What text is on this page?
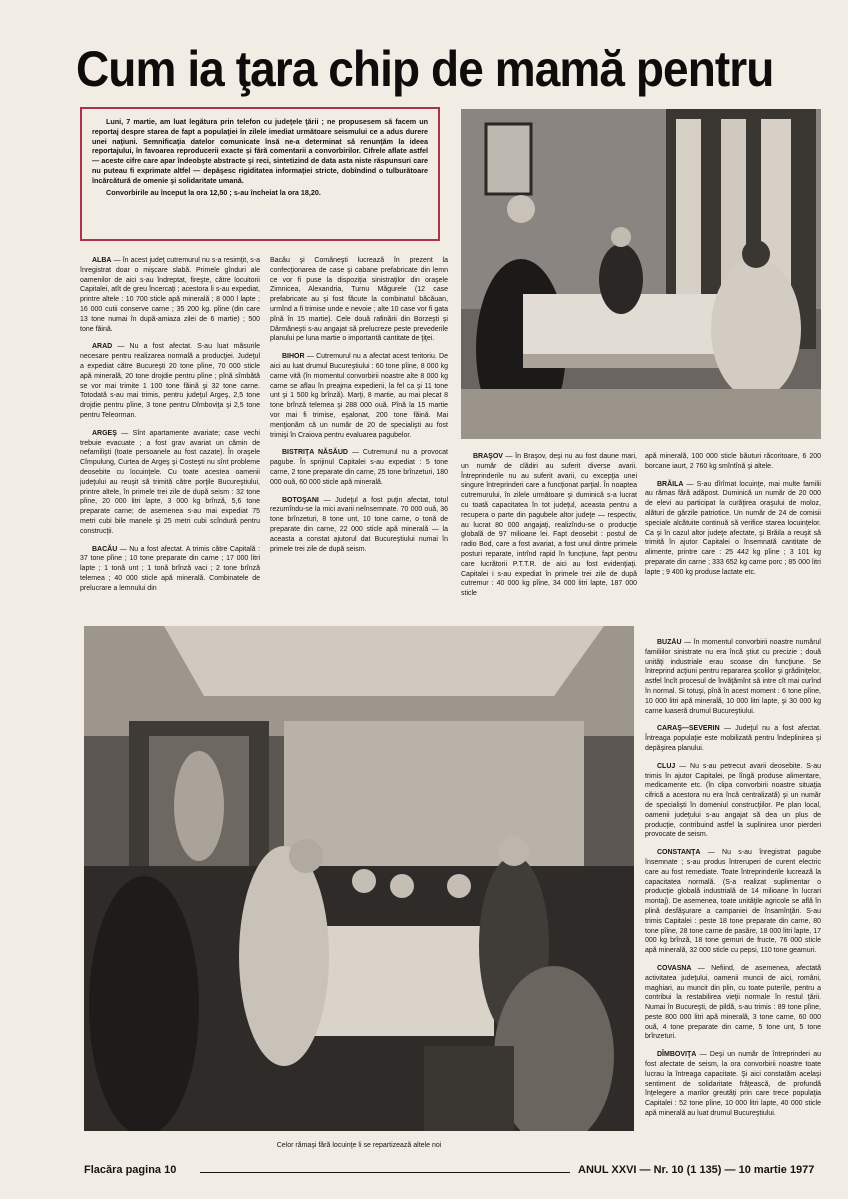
Cum ia ţara chip de mamă pentru

Luni, 7 martie, am luat legătura prin telefon cu judeţele ţării ; ne propusesem să facem un reportaj despre starea de fapt a populaţiei în zilele imediat următoare seismului ce a adus durere unei naţiuni. Semnificaţia datelor comunicate însă ne-a determinat să renunţăm la ideea reportajului, în favoarea reproducerii exacte şi fără comentarii a convorbirilor. Cifrele aflate astfel — aceste cifre care apar îndeobşte abstracte şi reci, sintetizind de data asta niste răspunsuri care nu puteau fi exprimate altfel — depăşesc rigiditatea informaţiei stricte, dobîndind o tulburătoare încărcătură de omenie şi solidaritate umană.

Convorbirile au început la ora 12,50 ; s-au încheiat la ora 18,20.

ALBA — În acest judeţ cutremurul nu s-a resimţit, s-a înregistrat doar o mişcare slabă. Primele gînduri ale oamenilor de aici s-au îndreptat, fireşte, către locuitorii Capitalei, atît de greu încercaţi ; acestora li s-au expediat, printre altele : 10 700 sticle apă minerală ; 8 000 l lapte ; 16 000 cutii conserve carne ; 35 200 kg. pîine (din care 13 tone numai în după-amiaza zilei de 6 martie) ; 500 tone făină.

ARAD — Nu a fost afectat. S-au luat măsurile necesare pentru realizarea normală a producţiei. Judeţul a expediat către Bucureşti 20 tone pîine, 70 000 sticle apă minerală, 20 tone drojdie pentru pîine ; pînă sîmbătă se vor mai trimite 1 100 tone făină şi 32 tone carne. Totodată s-au mai trimis, pentru judeţul Argeş, 2,5 tone drojdie pentru pîine, 3 tone pentru Dîmboviţa şi 2,5 tone pentru Teleorman.

ARGEŞ — Sînt apartamente avariate; case vechi trebuie evacuate ; a fost grav avariat un cămin de nefamilişti (toate persoanele au fost cazate). În oraşele Cîmpulung, Curtea de Argeş şi Costeşti nu sînt probleme deosebite cu locuinţele. Cu toate acestea oamenii judeţului au reuşit să trimită către porţile Bucureştiului, printre altele, în primele trei zile de după seism : 32 tone pîine, 20 000 litri lapte, 3 000 kg brînză, 5,6 tone preparate carne; de asemenea s-au mai expediat 75 metri cubi bile manele şi 25 metri cubi scîndură pentru construcţii.

BACĂU — Nu a fost afectat. A trimis către Capitală : 37 tone pîine ; 10 tone preparate din carne ; 17 000 litri lapte ; 1 tonă unt ; 1 tonă brînză vaci ; 2 tone brînză telemea ; 40 000 sticle apă minerală. Combinatele de prelucrare a lemnului din

Bacău şi Comăneşti lucrează în prezent la confecţionarea de case şi cabane prefabricate din lemn ce vor fi puse la dispoziţia sinistraţilor din oraşele Zimnicea, Alexandria, Turnu Măgurele (12 case prefabricate au şi fost făcute la combinatul băcăuan, urmînd a fi trimise unde e nevoie ; alte 10 case vor fi gata pînă în 15 martie). Cele două rafinării din Borzeşti şi Dărmăneşti s-au angajat să prelucreze peste prevederile planului pe luna martie o importantă cantitate de ţiţei.

BIHOR — Cutremurul nu a afectat acest teritoriu. De aici au luat drumul Bucureştiului : 60 tone pîine, 8 000 kg carne vită (în momentul convorbirii noastre alte 8 000 kg carne se aflau în preajma expedierii, la fel ca şi 11 tone unt şi 1 500 kg brînză). Marţi, 8 martie, au mai plecat 8 tone brînză telemea şi 288 000 ouă. Pînă la 15 martie vor mai fi trimise, eşalonat, 200 tone făină. Mai menţionăm că un număr de 20 de specialişti au fost trimişi în Craiova pentru evaluarea pagubelor.

BISTRIŢA NĂSĂUD — Cutremurul nu a provocat pagube. În sprijinul Capitalei s-au expediat : 5 tone carne, 2 tone preparate din carne, 25 tone brînzeturi, 180 000 ouă, 60 000 sticle apă minerală.

BOTOŞANI — Judeţul a fost puţin afectat, totul rezumîndu-se la mici avarii neînsemnate. 70 000 ouă, 36 tone brînzeturi, 8 tone unt, 10 tone carne, o tonă de preparate din carne, 22 000 sticle apă minerală — la aceasta a constat ajutorul dat Bucureştiului numai în primele trei zile de după seism.

BRAŞOV — În Braşov, deşi nu au fost daune mari, un număr de clădiri au suferit diverse avarii. Întreprinderile nu au suferit avarii, cu excepţia unei singure întreprinderi care a funcţionat parţial. În noaptea cutremurului, în zilele următoare şi duminică s-a lucrat cu toată capacitatea în tot judeţul, aceasta pentru a recupera o parte din pagubele altor judeţe — respectiv, au lucrat 80 000 angajaţi, realizîndu-se o producţie globală de 97 milioane lei. Fapt deosebit : postul de radio Bod, care a fost avariat, a fost unul dintre primele posturi reparate, intrînd rapid în funcţiune, fapt pentru care lucrătorii P.T.T.R. de aici au fost evidenţiaţi. Capitalei i s-au expediat în primele trei zile de după cutremur : 40 000 kg pîine, 34 000 litri lapte, 187 000 sticle

apă minerală, 100 000 sticle băuturi răcoritoare, 6 200 borcane iaurt, 2 760 kg smîntînă şi altele.

BRĂILA — S-au dîrîmat locuinţe, mai multe familii au rămas fără adăpost. Duminică un număr de 20 000 de elevi au participat la curăţirea oraşului de moloz, alături de gărzile patriotice. Un număr de 24 de comisii speciale alcătuite continuă să verifice starea locuinţelor. Ca şi în cazul altor judeţe afectate, şi Brăila a reuşit să trimită în ajutor Capitalei o însemnată cantitate de alimente, printre care : 25 442 kg pîine ; 3 101 kg preparate din carne ; 333 652 kg carne porc ; 85 000 litri lapte ; 9 400 kg produse lactate etc.

Celor rămaşi fără locuinţe li se repartizează altele noi

BUZĂU — În momentul convorbirii noastre numărul familiilor sinistrate nu era încă ştiut cu precizie ; două unităţi industriale erau scoase din funcţiune. Se întreprind acţiuni pentru repararea şcolilor şi grădiniţelor, astfel încît procesul de învăţămînt să intre cît mai curînd în normal. Si totuşi, pînă în acest moment : 6 tone pîine, 10 000 litri apă minerală, 10 000 litri lapte, şi 30 000 kg carne luaseră drumul Bucureştiului.

CARAŞ—SEVERIN — Judeţul nu a fost afectat. Întreaga populaţie este mobilizată pentru îndeplinirea şi depăşirea planului.

CLUJ — Nu s-au petrecut avarii deosebite. S-au trimis în ajutor Capitalei, pe lîngă produse alimentare, medicamente etc. (în clipa convorbirii noastre situaţia cifrică a acestora nu era încă centralizată) şi un număr de specialişti în domeniul construcţiilor. Pe plan local, oamenii judeţului s-au angajat să dea un plus de producţie, contribuind astfel la suplinirea unor pierderi provocate de seism.

CONSTANŢA — Nu s-au înregistrat pagube însemnate ; s-au produs întreruperi de curent electric care au fost remediate. Toate întreprinderile lucrează la capacitatea normală. (S-a realizat suplimentar o producţie globală industrială de 14 milioane în lucrari montaj). De asemenea, toate unităţile agricole se află în plină desfăşurare a campaniei de însamînţări. S-au trimis Capitalei : peste 18 tone preparate din carne, 80 tone pîine, 28 tone carne de pasăre, 18 000 litri lapte, 17 000 kg brînză, 18 tone gemuri de fructe, 76 000 sticle apă minerală, 32 000 sticle cu pepsi, 110 tone geamuri.

COVASNA — Nefiind, de asemenea, afectată activitatea judeţului, oamenii muncii de aici, români, maghiari, au muncit din plin, cu toate puterile, pentru a contribui la restabilirea vieţii normale în restul ţării. Numai în Bucureşti, de pildă, s-au trimis : 89 tone pîine, peste 800 000 litri apă minerală, 3 tone carne, 60 000 ouă, 4 tone preparate din carne, 5 tone unt, 5 tone brînzeturi.

DÎMBOVIŢA — Deşi un număr de întreprinderi au fost afectate de seism, la ora convorbirii noastre toate lucrau la întreaga capacitate. Şi aici constatăm acelaşi sentiment de solidaritate frăţească, de profundă înţelegere a marilor greutăţi prin care trece populaţia Capitalei : 52 tone pîine, 10 000 litri lapte, 40 000 sticle apă minerală au luat drumul Bucureştiului.

Flacăra pagina 10	ANUL XXVI — Nr. 10 (1 135) — 10 martie 1977
